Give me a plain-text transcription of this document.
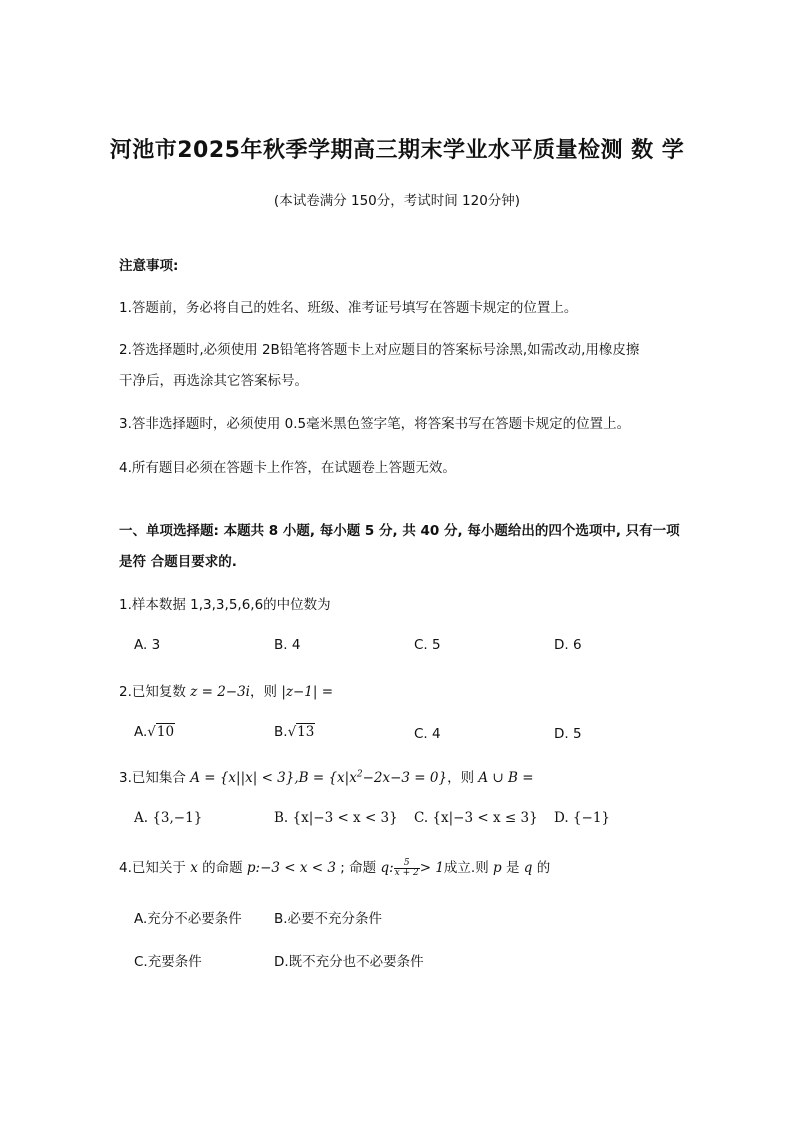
河池市2025年秋季学期高三期末学业水平质量检测 数 学
(本试卷满分 150分，考试时间 120分钟)
注意事项:
1.答题前，务必将自己的姓名、班级、准考证号填写在答题卡规定的位置上。
2.答选择题时,必须使用 2B铅笔将答题卡上对应题目的答案标号涂黑,如需改动,用橡皮擦
干净后，再选涂其它答案标号。
3.答非选择题时，必须使用 0.5毫米黑色签字笔，将答案书写在答题卡规定的位置上。
4.所有题目必须在答题卡上作答，在试题卷上答题无效。
一、单项选择题: 本题共 8 小题, 每小题 5 分, 共 40 分, 每小题给出的四个选项中, 只有一项
是符 合题目要求的.
1.样本数据 1,3,3,5,6,6的中位数为
A. 3	B. 4	C. 5	D. 6
2.已知复数 z = 2−3i，则 |z−1| =
A.√10	B.√13	C. 4	D. 5
3.已知集合 $A = \{x||x| < 3\},B = \{x|x^2-2x-3 = 0\}$，则 A ∪ B =
A. {3,−1}	B. {x|−3 < x < 3} C. {x|−3 < x ≤ 3} D. {−1}
4.已知关于 x 的命题 p:−3 < x < 3 ; 命题 q: $\frac{5}{x + 2} > 1$成立.则 p 是 q 的
A.充分不必要条件 B.必要不充分条件
C.充要条件	D.既不充分也不必要条件
